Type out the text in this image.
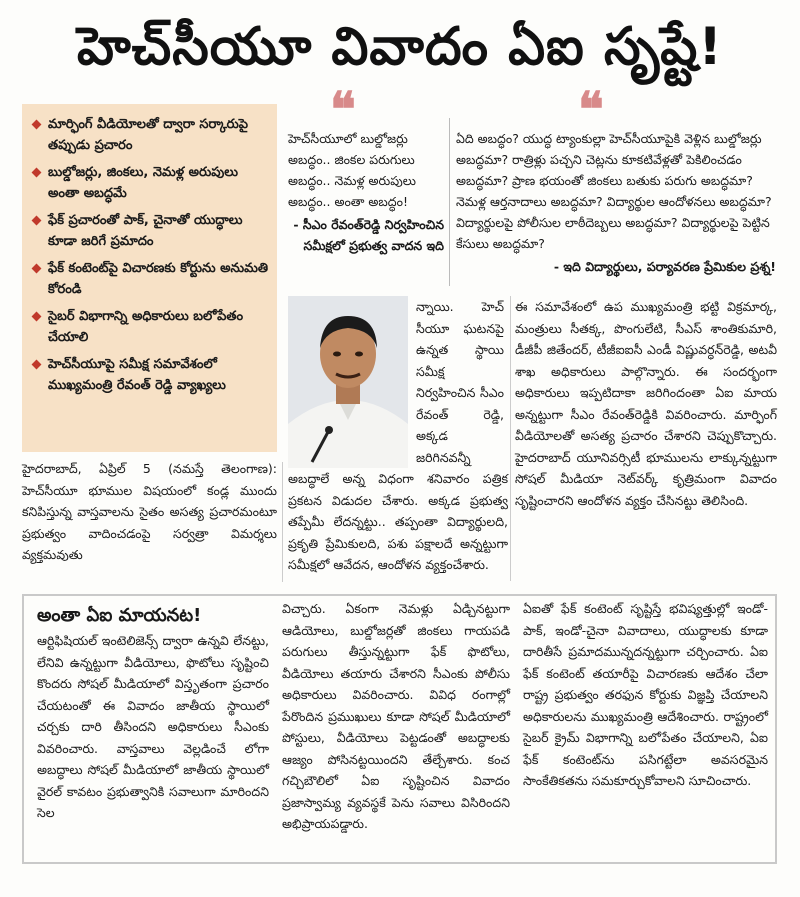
హెచ్‌సీయూ వివాదం ఏఐ సృష్టే!
మార్ఫింగ్ వీడియోలతో ద్వారా సర్కారుపై తప్పుడు ప్రచారం
బుల్డోజర్లు, జింకలు, నెమళ్ల అరుపులు అంతా అబద్ధమే
ఫేక్ ప్రచారంతో పాక్, చైనాతో యుద్ధాలు కూడా జరిగే ప్రమాదం
ఫేక్ కంటెంట్‌పై విచారణకు కోర్టును అనుమతి కోరండి
సైబర్ విభాగాన్ని అధికారులు బలోపేతం చేయాలి
హెచ్‌సీయూపై సమీక్ష సమావేశంలో ముఖ్యమంత్రి రేవంత్ రెడ్డి వ్యాఖ్యలు
❝
హెచ్‌సీయూలో బుల్డోజర్లు అబద్ధం.. జింకల పరుగులు అబద్ధం.. నెమళ్ల అరుపులు అబద్ధం.. అంతా అబద్ధం!
- సీఎం రేవంత్‌రెడ్డి నిర్వహించిన సమీక్షలో ప్రభుత్వ వాదన ఇది
❝
ఏది అబద్ధం? యుద్ధ ట్యాంకుల్లా హెచ్‌సీయూపైకి వెళ్లిన బుల్డోజర్లు అబద్ధమా? రాత్రిళ్లు పచ్చని చెట్లను కూకటివేళ్లతో పెకిలించడం అబద్ధమా? ప్రాణ భయంతో జింకలు బతుకు పరుగు అబద్ధమా? నెమళ్ల ఆర్తనాదాలు అబద్ధమా? విద్యార్థుల ఆందోళనలు అబద్ధమా? విద్యార్థులపై పోలీసుల లాఠీదెబ్బలు అబద్ధమా? విద్యార్థులపై పెట్టిన కేసులు అబద్ధమా?
- ఇది విద్యార్థులు, పర్యావరణ ప్రేమికుల ప్రశ్న!
హైదరాబాద్, ఏప్రిల్ 5 (నమస్తే తెలంగాణ): హెచ్‌సీయూ భూముల విషయంలో కండ్ల ముందు కనిపిస్తున్న వాస్తవాలను సైతం అసత్య ప్రచారమంటూ ప్రభుత్వం వాదించడంపై సర్వత్రా విమర్శలు వ్యక్తమవుతు
న్నాయి. హెచ్ సీయూ ఘటనపై ఉన్నత స్థాయి సమీక్ష నిర్వహించిన సీఎం రేవంత్ రెడ్డి, అక్కడ జరిగినవన్నీ
అబద్ధాలే అన్న విధంగా శనివారం పత్రిక ప్రకటన విడుదల చేశారు. అక్కడ ప్రభుత్వ తప్పేమీ లేదన్నట్టు.. తప్పంతా విద్యార్థులది, ప్రకృతి ప్రేమికులది, పశు పక్షాలదే అన్నట్టుగా సమీక్షలో ఆవేదన, ఆందోళన వ్యక్తంచేశారు.
ఈ సమావేశంలో ఉప ముఖ్యమంత్రి భట్టి విక్రమార్క, మంత్రులు సీతక్క, పొంగులేటి, సీఎస్ శాంతికుమారి, డీజీపీ జితేందర్, టీజీఐఐసీ ఎండీ విష్ణువర్ధన్‌రెడ్డి, అటవీ శాఖ అధికారులు పాల్గొన్నారు. ఈ సందర్భంగా అధికారులు ఇప్పటిదాకా జరిగిందంతా ఏఐ మాయ అన్నట్టుగా సీఎం రేవంత్‌రెడ్డికి వివరించారు. మార్ఫింగ్ వీడియోలతో అసత్య ప్రచారం చేశారని చెప్పుకొచ్చారు. హైదరాబాద్ యూనివర్సిటీ భూములను లాక్కున్నట్టుగా సోషల్ మీడియా నెట్‌వర్క్ కృత్రిమంగా వివాదం సృష్టించారని ఆందోళన వ్యక్తం చేసినట్టు తెలిసింది.
అంతా ఏఐ మాయనట!
ఆర్టిఫిషియల్ ఇంటెలిజెన్స్ ద్వారా ఉన్నవి లేనట్టు, లేనివి ఉన్నట్టుగా వీడియోలు, ఫొటోలు సృష్టించి కొందరు సోషల్ మీడియాలో విస్తృతంగా ప్రచారం చేయటంతో ఈ వివాదం జాతీయ స్థాయిలో చర్చకు దారి తీసిందని అధికారులు సీఎంకు వివరించారు. వాస్తవాలు వెల్లడించే లోగా అబద్ధాలు సోషల్ మీడియాలో జాతీయ స్థాయిలో వైరల్ కావటం ప్రభుత్వానికి సవాలుగా మారిందని సెల
విచ్చారు. ఏకంగా నెమళ్లు ఏడ్చినట్టుగా ఆడియోలు, బుల్డోజర్లతో జింకలు గాయపడి పరుగులు తీస్తున్నట్టుగా ఫేక్ ఫొటోలు, వీడియోలు తయారు చేశారని సీఎంకు పోలీసు అధికారులు వివరించారు. వివిధ రంగాల్లో పేరొందిన ప్రముఖులు కూడా సోషల్ మీడియాలో పోస్టులు, వీడియోలు పెట్టడంతో అబద్ధాలకు ఆజ్యం పోసినట్టయిందని తేల్చేశారు. కంచ గచ్చిబౌలిలో ఏఐ సృష్టించిన వివాదం ప్రజాస్వామ్య వ్యవస్థకే పెను సవాలు విసిరిందని అభిప్రాయపడ్డారు.
ఏఐతో ఫేక్ కంటెంట్ సృష్టిస్తే భవిష్యత్తుల్లో ఇండో-పాక్, ఇండో-చైనా వివాదాలు, యుద్ధాలకు కూడా దారితీసే ప్రమాదమున్నదన్నట్టుగా చర్చించారు. ఏఐ ఫేక్ కంటెంట్ తయారీపై విచారణకు ఆదేశం చేలా రాష్ట్ర ప్రభుత్వం తరఫున కోర్టుకు విజ్ఞప్తి చేయాలని అధికారులను ముఖ్యమంత్రి ఆదేశించారు. రాష్ట్రంలో సైబర్ క్రైమ్ విభాగాన్ని బలోపేతం చేయాలని, ఏఐ ఫేక్ కంటెంట్‌ను పసిగట్టేలా అవసరమైన సాంకేతికతను సమకూర్చుకోవాలని సూచించారు.
